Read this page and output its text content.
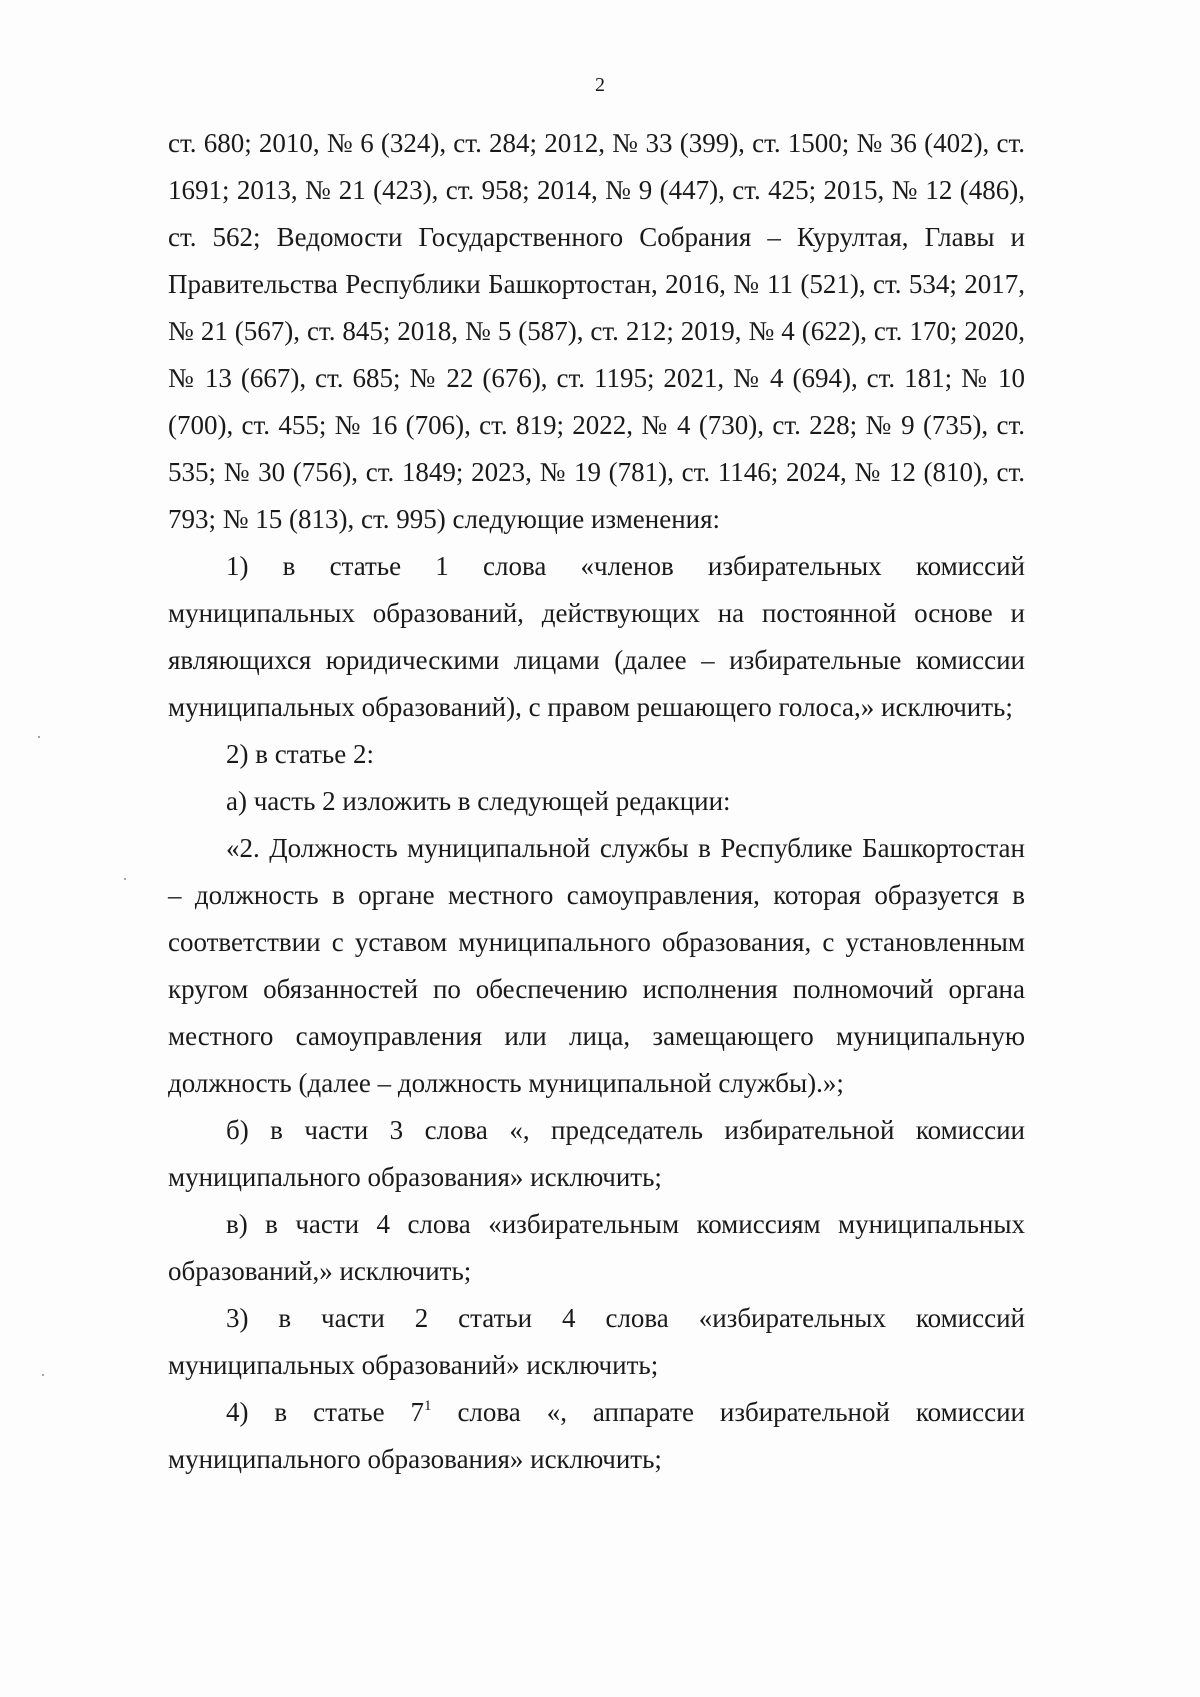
2

ст. 680; 2010, № 6 (324), ст. 284; 2012, № 33 (399), ст. 1500; № 36 (402), ст. 1691; 2013, № 21 (423), ст. 958; 2014, № 9 (447), ст. 425; 2015, № 12 (486), ст. 562; Ведомости Государственного Собрания – Курултая, Главы и Правительства Республики Башкортостан, 2016, № 11 (521), ст. 534; 2017, № 21 (567), ст. 845; 2018, № 5 (587), ст. 212; 2019, № 4 (622), ст. 170; 2020, № 13 (667), ст. 685; № 22 (676), ст. 1195; 2021, № 4 (694), ст. 181; № 10 (700), ст. 455; № 16 (706), ст. 819; 2022, № 4 (730), ст. 228; № 9 (735), ст. 535; № 30 (756), ст. 1849; 2023, № 19 (781), ст. 1146; 2024, № 12 (810), ст. 793; № 15 (813), ст. 995) следующие изменения:

1) в статье 1 слова «членов избирательных комиссий муниципальных образований, действующих на постоянной основе и являющихся юридическими лицами (далее – избирательные комиссии муниципальных образований), с правом решающего голоса,» исключить;

2) в статье 2:

а) часть 2 изложить в следующей редакции:

«2. Должность муниципальной службы в Республике Башкортостан – должность в органе местного самоуправления, которая образуется в соответствии с уставом муниципального образования, с установленным кругом обязанностей по обеспечению исполнения полномочий органа местного самоуправления или лица, замещающего муниципальную должность (далее – должность муниципальной службы).»;

б) в части 3 слова «, председатель избирательной комиссии муниципального образования» исключить;

в) в части 4 слова «избирательным комиссиям муниципальных образований,» исключить;

3) в части 2 статьи 4 слова «избирательных комиссий муниципальных образований» исключить;

4) в статье $7^1$ слова «, аппарате избирательной комиссии муниципального образования» исключить;
